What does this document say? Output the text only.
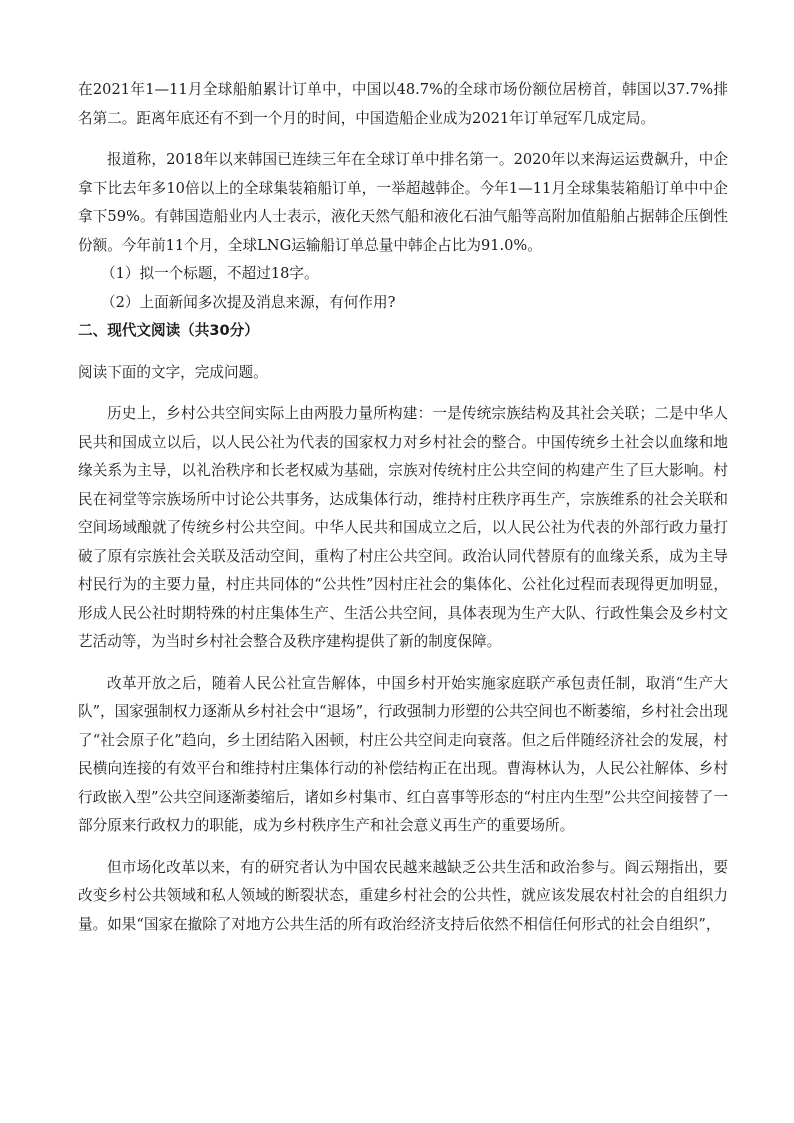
在2021年1—11月全球船舶累计订单中，中国以48.7%的全球市场份额位居榜首，韩国以37.7%排名第二。距离年底还有不到一个月的时间，中国造船企业成为2021年订单冠军几成定局。

报道称，2018年以来韩国已连续三年在全球订单中排名第一。2020年以来海运运费飙升，中企拿下比去年多10倍以上的全球集装箱船订单，一举超越韩企。今年1—11月全球集装箱船订单中中企拿下59%。有韩国造船业内人士表示，液化天然气船和液化石油气船等高附加值船舶占据韩企压倒性份额。今年前11个月，全球LNG运输船订单总量中韩企占比为91.0%。

（1）拟一个标题，不超过18字。

（2）上面新闻多次提及消息来源，有何作用?

二、现代文阅读（共30分）

阅读下面的文字，完成问题。

历史上，乡村公共空间实际上由两股力量所构建：一是传统宗族结构及其社会关联；二是中华人民共和国成立以后，以人民公社为代表的国家权力对乡村社会的整合。中国传统乡土社会以血缘和地缘关系为主导，以礼治秩序和长老权威为基础，宗族对传统村庄公共空间的构建产生了巨大影响。村民在祠堂等宗族场所中讨论公共事务，达成集体行动，维持村庄秩序再生产，宗族维系的社会关联和空间场域酿就了传统乡村公共空间。中华人民共和国成立之后，以人民公社为代表的外部行政力量打破了原有宗族社会关联及活动空间，重构了村庄公共空间。政治认同代替原有的血缘关系，成为主导村民行为的主要力量，村庄共同体的“公共性”因村庄社会的集体化、公社化过程而表现得更加明显，形成人民公社时期特殊的村庄集体生产、生活公共空间，具体表现为生产大队、行政性集会及乡村文艺活动等，为当时乡村社会整合及秩序建构提供了新的制度保障。

改革开放之后，随着人民公社宣告解体，中国乡村开始实施家庭联产承包责任制，取消“生产大队”，国家强制权力逐渐从乡村社会中“退场”，行政强制力形塑的公共空间也不断萎缩，乡村社会出现了“社会原子化”趋向，乡土团结陷入困顿，村庄公共空间走向衰落。但之后伴随经济社会的发展，村民横向连接的有效平台和维持村庄集体行动的补偿结构正在出现。曹海林认为，人民公社解体、乡村行政嵌入型”公共空间逐渐萎缩后，诸如乡村集市、红白喜事等形态的“村庄内生型”公共空间接替了一部分原来行政权力的职能，成为乡村秩序生产和社会意义再生产的重要场所。

但市场化改革以来，有的研究者认为中国农民越来越缺乏公共生活和政治参与。阎云翔指出，要改变乡村公共领域和私人领域的断裂状态，重建乡村社会的公共性，就应该发展农村社会的自组织力量。如果“国家在撤除了对地方公共生活的所有政治经济支持后依然不相信任何形式的社会自组织”，
